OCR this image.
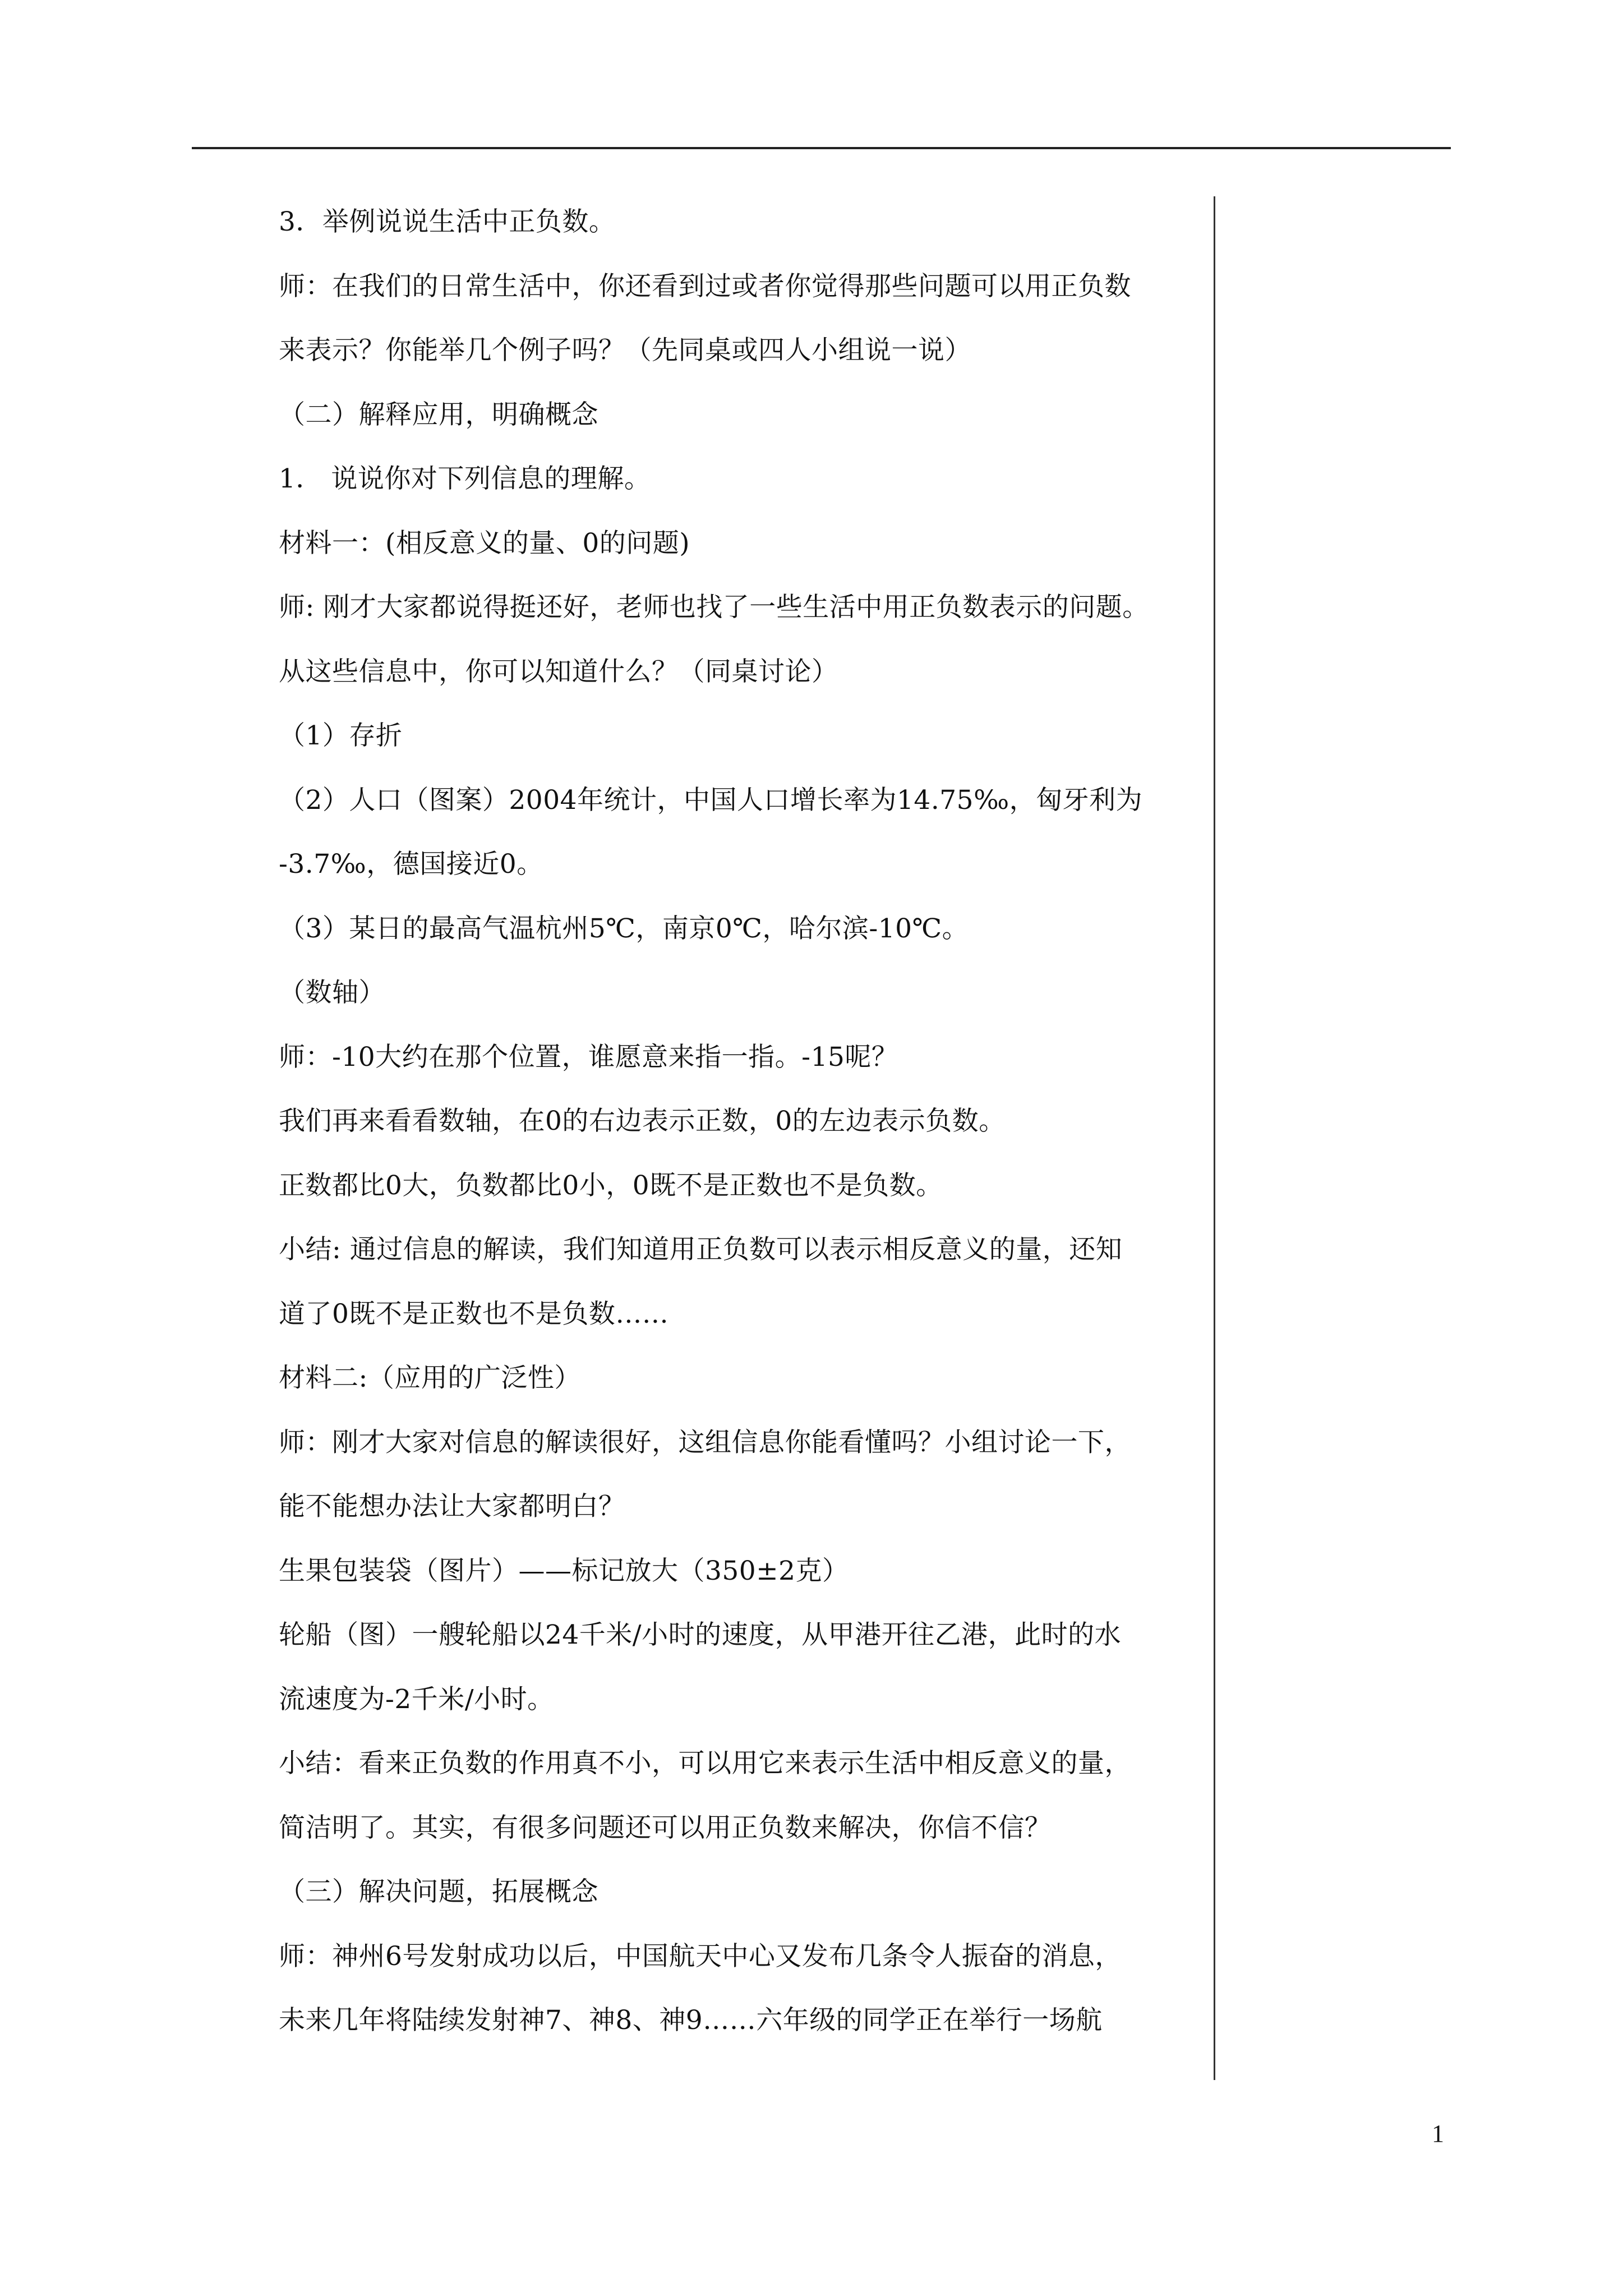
3．举例说说生活中正负数。
师：在我们的日常生活中，你还看到过或者你觉得那些问题可以用正负数
来表示？你能举几个例子吗？（先同桌或四人小组说一说）
（二）解释应用，明确概念
1． 说说你对下列信息的理解。
材料一：(相反意义的量、0的问题)
师: 刚才大家都说得挺还好，老师也找了一些生活中用正负数表示的问题。
从这些信息中，你可以知道什么？（同桌讨论）
（1）存折
（2）人口（图案）2004年统计，中国人口增长率为14.75‰，匈牙利为
-3.7‰，德国接近0。
（3）某日的最高气温杭州5℃，南京0℃，哈尔滨-10℃。
（数轴）
师：-10大约在那个位置，谁愿意来指一指。-15呢？
我们再来看看数轴，在0的右边表示正数，0的左边表示负数。
正数都比0大，负数都比0小，0既不是正数也不是负数。
小结: 通过信息的解读，我们知道用正负数可以表示相反意义的量，还知
道了0既不是正数也不是负数……
材料二:（应用的广泛性）
师：刚才大家对信息的解读很好，这组信息你能看懂吗？小组讨论一下，
能不能想办法让大家都明白？
生果包装袋（图片）——标记放大（350±2克）
轮船（图）一艘轮船以24千米/小时的速度，从甲港开往乙港，此时的水
流速度为-2千米/小时。
小结：看来正负数的作用真不小，可以用它来表示生活中相反意义的量，
简洁明了。其实，有很多问题还可以用正负数来解决，你信不信？
（三）解决问题，拓展概念
师：神州6号发射成功以后，中国航天中心又发布几条令人振奋的消息，
未来几年将陆续发射神7、神8、神9……六年级的同学正在举行一场航
1
